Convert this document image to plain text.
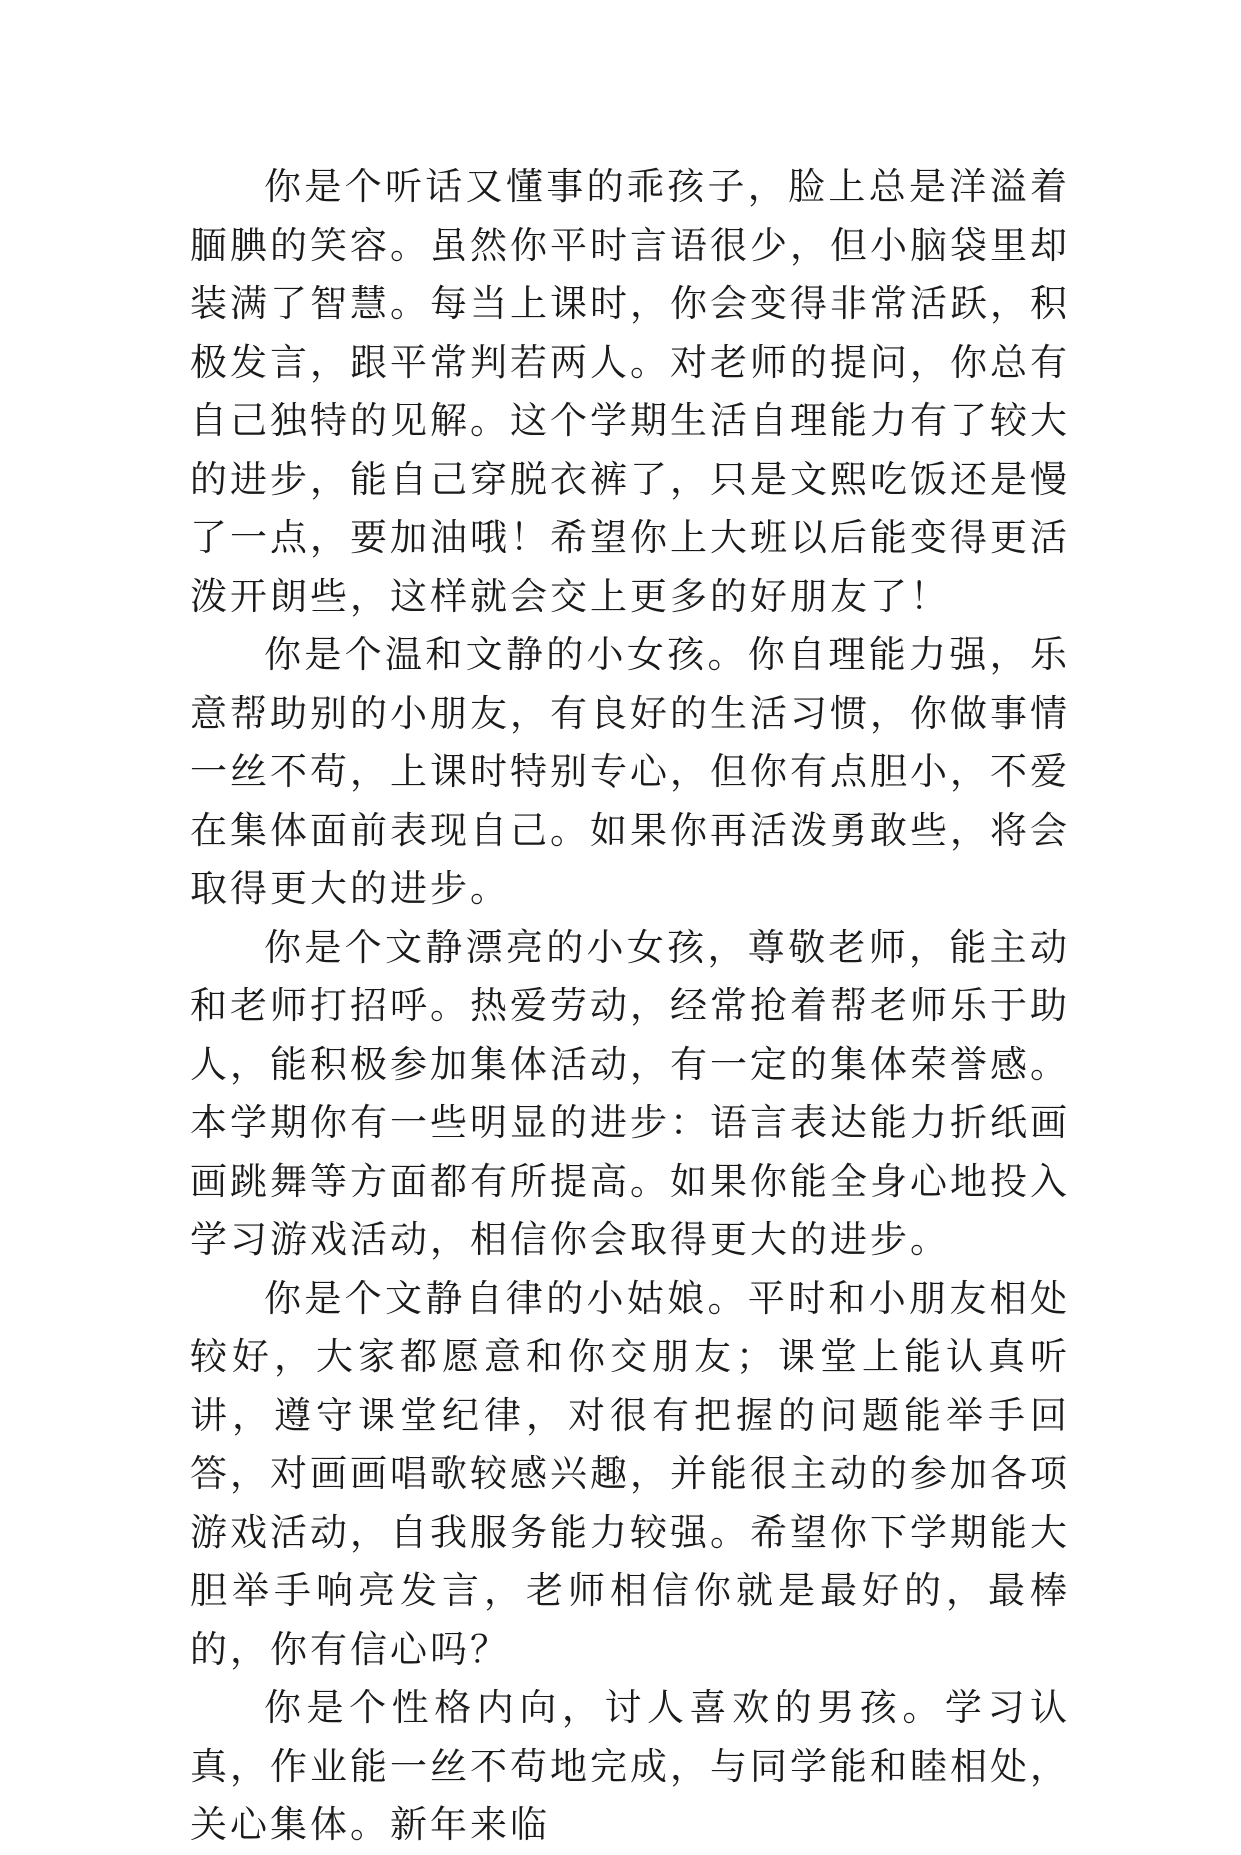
你是个听话又懂事的乖孩子，脸上总是洋溢着腼腆的笑容。虽然你平时言语很少，但小脑袋里却装满了智慧。每当上课时，你会变得非常活跃，积极发言，跟平常判若两人。对老师的提问，你总有自己独特的见解。这个学期生活自理能力有了较大的进步，能自己穿脱衣裤了，只是文熙吃饭还是慢了一点，要加油哦！希望你上大班以后能变得更活泼开朗些，这样就会交上更多的好朋友了！

你是个温和文静的小女孩。你自理能力强，乐意帮助别的小朋友，有良好的生活习惯，你做事情一丝不苟，上课时特别专心，但你有点胆小，不爱在集体面前表现自己。如果你再活泼勇敢些，将会取得更大的进步。

你是个文静漂亮的小女孩，尊敬老师，能主动和老师打招呼。热爱劳动，经常抢着帮老师乐于助人，能积极参加集体活动，有一定的集体荣誉感。本学期你有一些明显的进步：语言表达能力折纸画画跳舞等方面都有所提高。如果你能全身心地投入学习游戏活动，相信你会取得更大的进步。

你是个文静自律的小姑娘。平时和小朋友相处较好，大家都愿意和你交朋友；课堂上能认真听讲，遵守课堂纪律，对很有把握的问题能举手回答，对画画唱歌较感兴趣，并能很主动的参加各项游戏活动，自我服务能力较强。希望你下学期能大胆举手响亮发言，老师相信你就是最好的，最棒的，你有信心吗？

你是个性格内向，讨人喜欢的男孩。学习认真，作业能一丝不苟地完成，与同学能和睦相处，关心集体。新年来临
